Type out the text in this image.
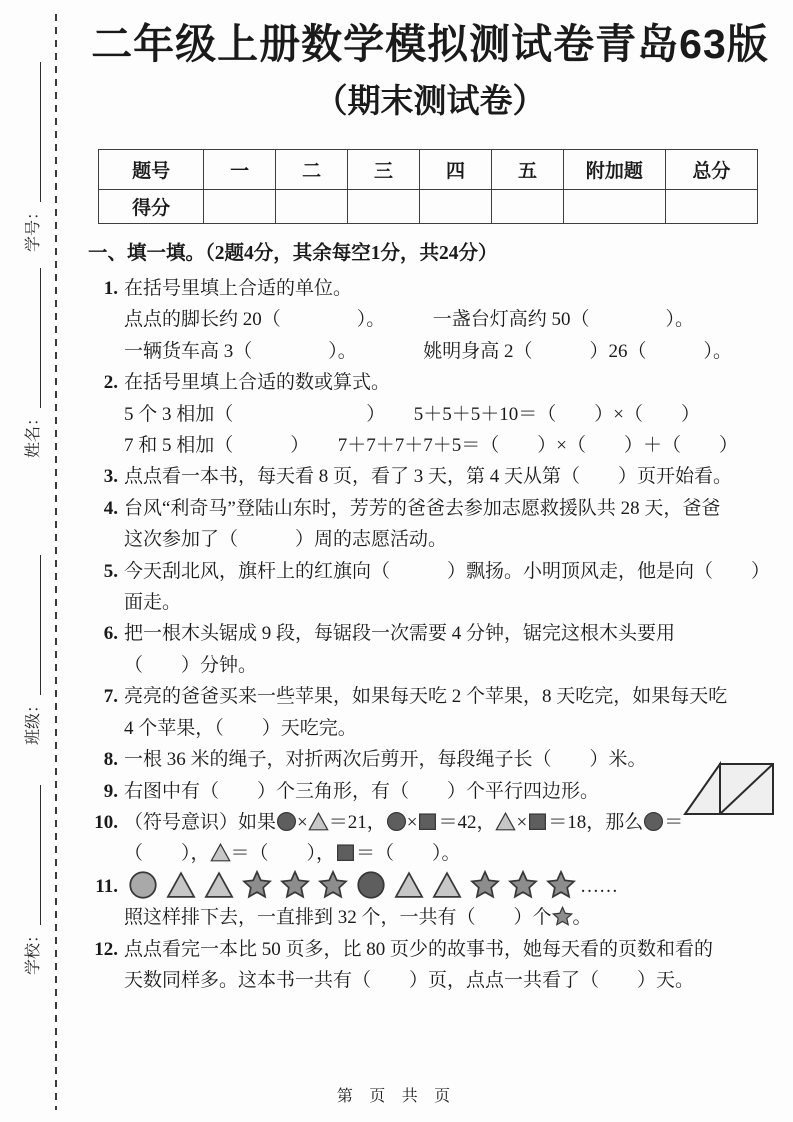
学号：
姓名：
班级：
学校：
二年级上册数学模拟测试卷青岛63版
（期末测试卷）
题号	一	二	三	四	五	附加题	总分
得分							
一、填一填。（2题4分，其余每空1分，共24分）
1. 在括号里填上合适的单位。
点点的脚长约 20（　　　　）。　　　一盏台灯高约 50（　　　　）。
一辆货车高 3（　　　　）。　　　　姚明身高 2（　　　）26（　　　）。
2. 在括号里填上合适的数或算式。
5 个 3 相加（　　　　　　　）　　5＋5＋5＋10＝（　　）×（　　）
7 和 5 相加（　　　）　　7＋7＋7＋7＋5＝（　　）×（　　）＋（　　）
3. 点点看一本书，每天看 8 页，看了 3 天，第 4 天从第（　　）页开始看。
4. 台风“利奇马”登陆山东时，芳芳的爸爸去参加志愿救援队共 28 天，爸爸
这次参加了（　　　）周的志愿活动。
5. 今天刮北风，旗杆上的红旗向（　　　）飘扬。小明顶风走，他是向（　　）
面走。
6. 把一根木头锯成 9 段，每锯段一次需要 4 分钟，锯完这根木头要用
（　　）分钟。
7. 亮亮的爸爸买来一些苹果，如果每天吃 2 个苹果，8 天吃完，如果每天吃
4 个苹果，（　　）天吃完。
8. 一根 36 米的绳子，对折两次后剪开，每段绳子长（　　）米。
9. 右图中有（　　）个三角形，有（　　）个平行四边形。
10. （符号意识）如果 × ＝21， × ＝42， × ＝18，那么 ＝
（　　）， ＝（　　）， ＝（　　）。
11.	……
照这样排下去，一直排到 32 个，一共有（　　）个 。
12. 点点看完一本比 50 页多，比 80 页少的故事书，她每天看的页数和看的
天数同样多。这本书一共有（　　）页，点点一共看了（　　）天。
第 页 共 页
